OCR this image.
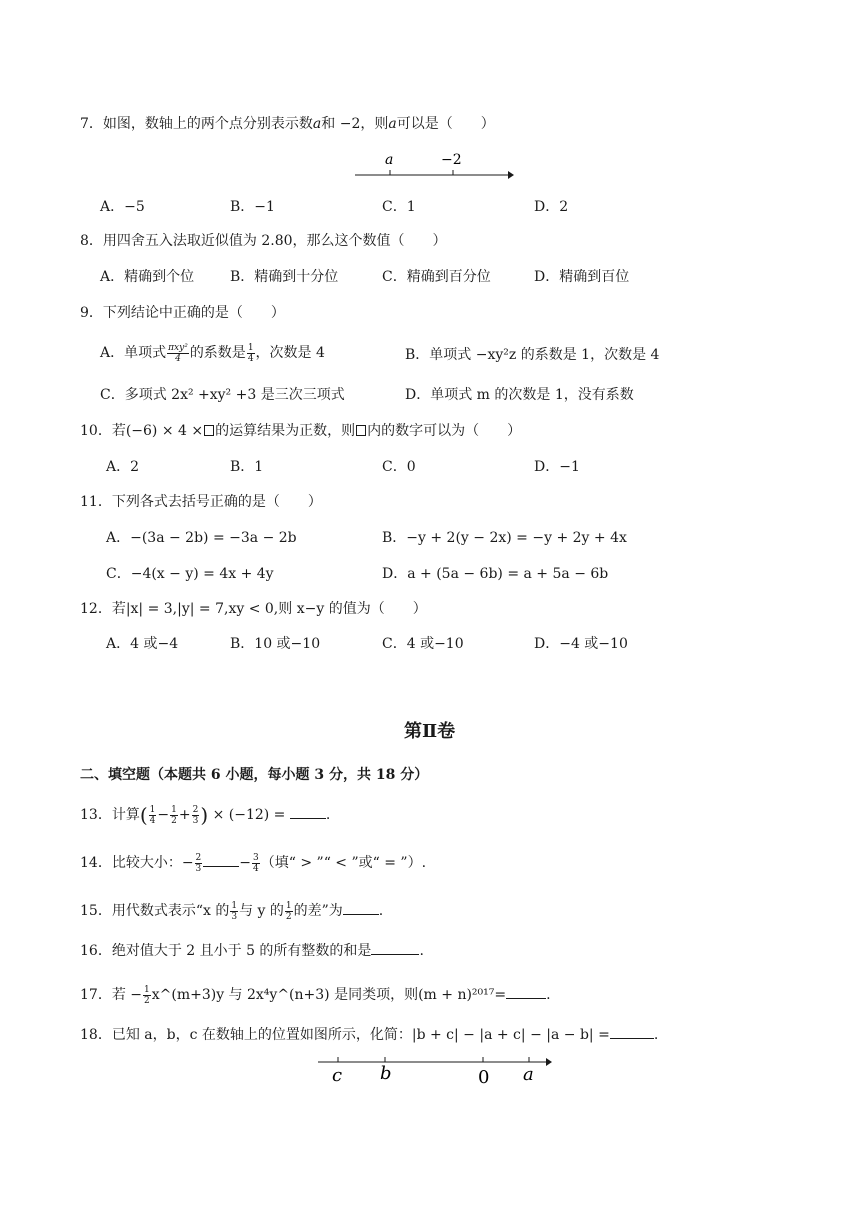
7．如图，数轴上的两个点分别表示数a和 −2，则a可以是（　　）
a	−2
A．−5	B．−1	C．1	D．2
8．用四舍五入法取近似值为 2.80，那么这个数值（　　）
A．精确到个位	B．精确到十分位	C．精确到百分位	D．精确到百位
9．下列结论中正确的是（　　）
A．单项式 $\frac{\text{πxy²}}{4}$ 的系数是 $\frac{1}{4}$ ，次数是 4	B．单项式 −xy²z 的系数是 1，次数是 4
C．多项式 2x² +xy² +3 是三次三项式	D．单项式 m 的次数是 1，没有系数
10．若(−6) × 4 × 的运算结果为正数，则 内的数字可以为（　　）
A．2	B．1	C．0	D．−1
11．下列各式去括号正确的是（　　）
A．−(3a − 2b) = −3a − 2b	B．−y + 2(y − 2x) = −y + 2y + 4x
C．−4(x − y) = 4x + 4y	D．a + (5a − 6b) = a + 5a − 6b
12．若|x| = 3,|y| = 7,xy < 0,则 x−y 的值为（　　）
A．4 或−4	B．10 或−10	C．4 或−10	D．−4 或−10
第Ⅱ卷
二、填空题（本题共 6 小题，每小题 3 分，共 18 分）
13．计算( $\frac{1}{4} - \frac{1}{2} + \frac{2}{3}$ ) × (−12) =	.
14．比较大小：− $\frac{2}{3}$	− $\frac{3}{4}$ （填“ > ”“ < ”或“ = ”）.
15．用代数式表示“x 的 $\frac{1}{3}$ 与 y 的 $\frac{1}{2}$ 的差”为	.
16．绝对值大于 2 且小于 5 的所有整数的和是	.
17．若 − $\frac{1}{2}$ x^(m+3)y 与 2x⁴y^(n+3) 是同类项，则(m + n)²⁰¹⁷=	.
18．已知 a，b，c 在数轴上的位置如图所示，化简：|b + c| − |a + c| − |a − b| =	.
c b	0 a
